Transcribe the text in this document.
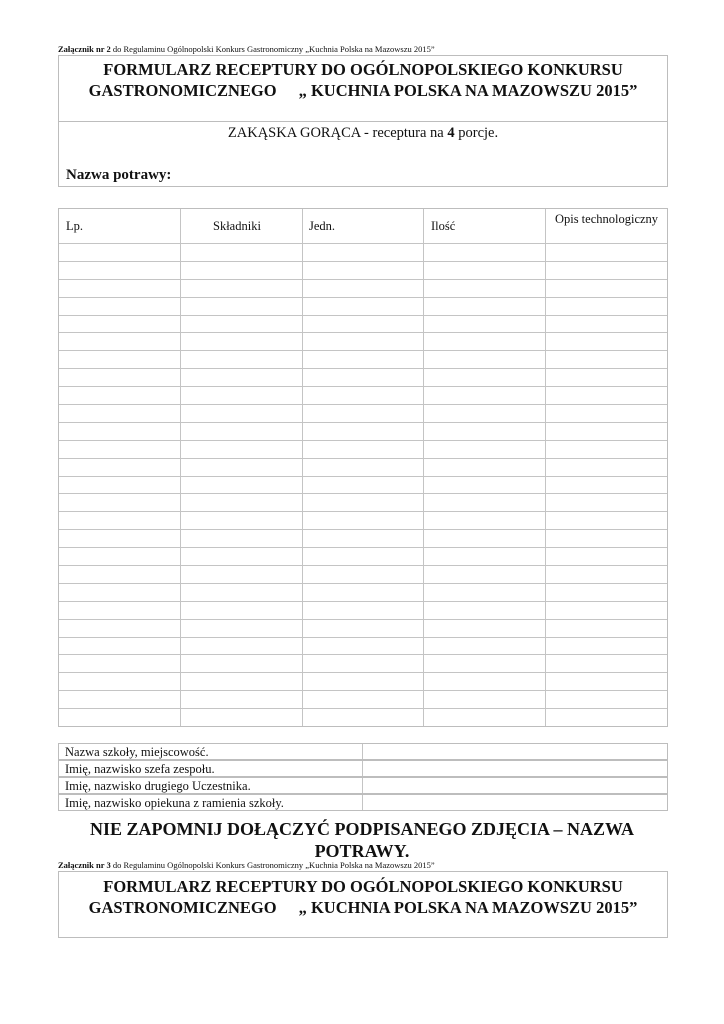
Załącznik nr 2 do Regulaminu Ogólnopolski Konkurs Gastronomiczny „Kuchnia Polska na Mazowszu 2015”
FORMULARZ RECEPTURY DO OGÓLNOPOLSKIEGO KONKURSU
GASTRONOMICZNEGO „ KUCHNIA POLSKA NA MAZOWSZU 2015”
ZAKĄSKA GORĄCA - receptura na 4 porcje.
Nazwa potrawy:
Lp.	Składniki	Jedn.	Ilość	Opis technologiczny
Nazwa szkoły, miejscowość.
Imię, nazwisko szefa zespołu.
Imię, nazwisko drugiego Uczestnika.
Imię, nazwisko opiekuna z ramienia szkoły.
NIE ZAPOMNIJ DOŁĄCZYĆ PODPISANEGO ZDJĘCIA – NAZWA
POTRAWY.
Załącznik nr 3 do Regulaminu Ogólnopolski Konkurs Gastronomiczny „Kuchnia Polska na Mazowszu 2015”
FORMULARZ RECEPTURY DO OGÓLNOPOLSKIEGO KONKURSU
GASTRONOMICZNEGO „ KUCHNIA POLSKA NA MAZOWSZU 2015”
